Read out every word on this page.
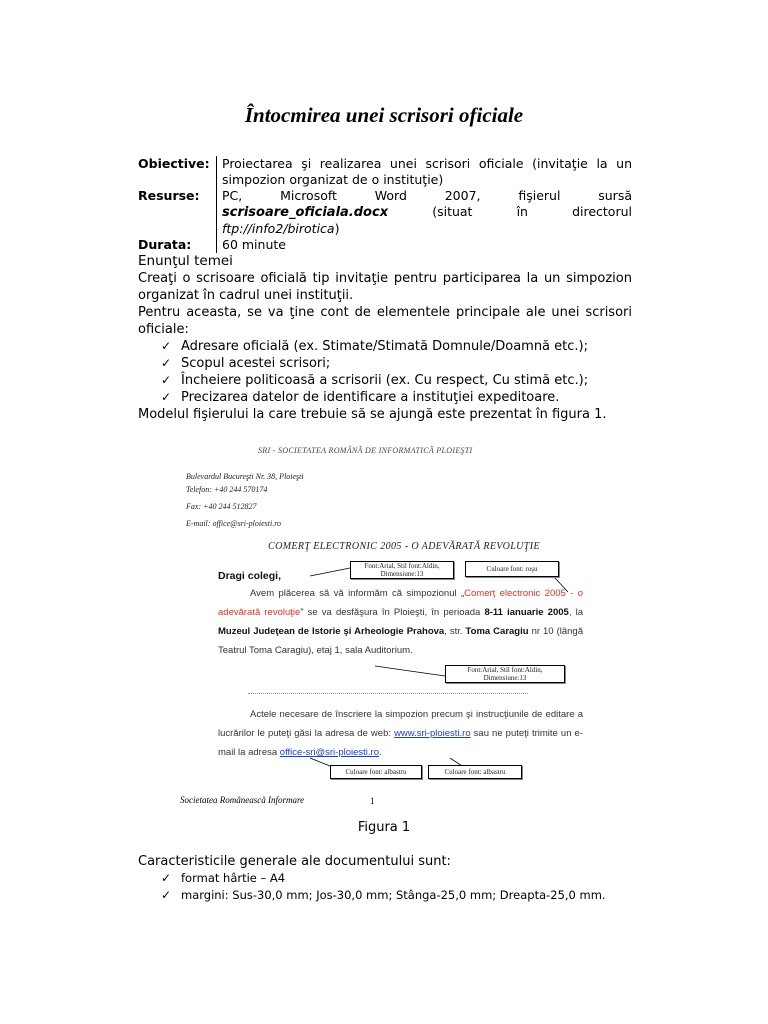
Întocmirea unei scrisori oficiale
Obiective: Proiectarea şi realizarea unei scrisori oficiale (invitaţie la un simpozion organizat de o instituţie)
Resurse:	PC, Microsoft Word 2007, fişierul sursă scrisoare_oficiala.docx	(situat în directorul ftp://info2/birotica)
Durata:	60 minute
Enunţul temei

Creaţi o scrisoare oficială tip invitaţie pentru participarea la un simpozion organizat în cadrul unei instituţii.

Pentru aceasta, se va ţine cont de elementele principale ale unei scrisori oficiale:

✓ Adresare oficială (ex. Stimate/Stimată Domnule/Doamnă etc.);
✓ Scopul acestei scrisori;
✓ Încheiere politicoasă a scrisorii (ex. Cu respect, Cu stimă etc.);
✓ Precizarea datelor de identificare a instituţiei expeditoare.

Modelul fişierului la care trebuie să se ajungă este prezentat în figura 1.

SRI - SOCIETATEA ROMÂNĂ DE INFORMATICĂ PLOIEŞTI
Bulevardul Bucureşti Nr. 38, Ploieşti
Telefon: +40 244 570174
Fax: +40 244 512827
E-mail: office@sri-ploiesti.ro
COMERŢ ELECTRONIC 2005 - O ADEVĂRATĂ REVOLUŢIE
Dragi colegi,
Avem plăcerea să vă informăm că simpozionul „Comerţ electronic 2005 - o adevărată revoluţie” se va desfăşura în Ploieşti, în perioada 8-11 ianuarie 2005, la Muzeul Judeţean de Istorie şi Arheologie Prahova, str. Toma Caragiu nr 10 (lângă Teatrul Toma Caragiu), etaj 1, sala Auditorium.
Actele necesare de înscriere la simpozion precum şi instrucţiunile de editare a lucrărilor le puteţi găsi la adresa de web: www.sri-ploiesti.ro sau ne puteţi trimite un e-mail la adresa office-sri@sri-ploiesti.ro.
Font:Arial, Stil font:Aldin, Dimensiune:13
Culoare font: roşu
Font:Arial, Stil font:Aldin, Dimensiune:13
Culoare font: albastru	Culoare font: albastru
Societatea Românească Informare	1
Figura 1

Caracteristicile generale ale documentului sunt:

✓ format hârtie – A4
✓ margini: Sus-30,0 mm; Jos-30,0 mm; Stânga-25,0 mm; Dreapta-25,0 mm.
